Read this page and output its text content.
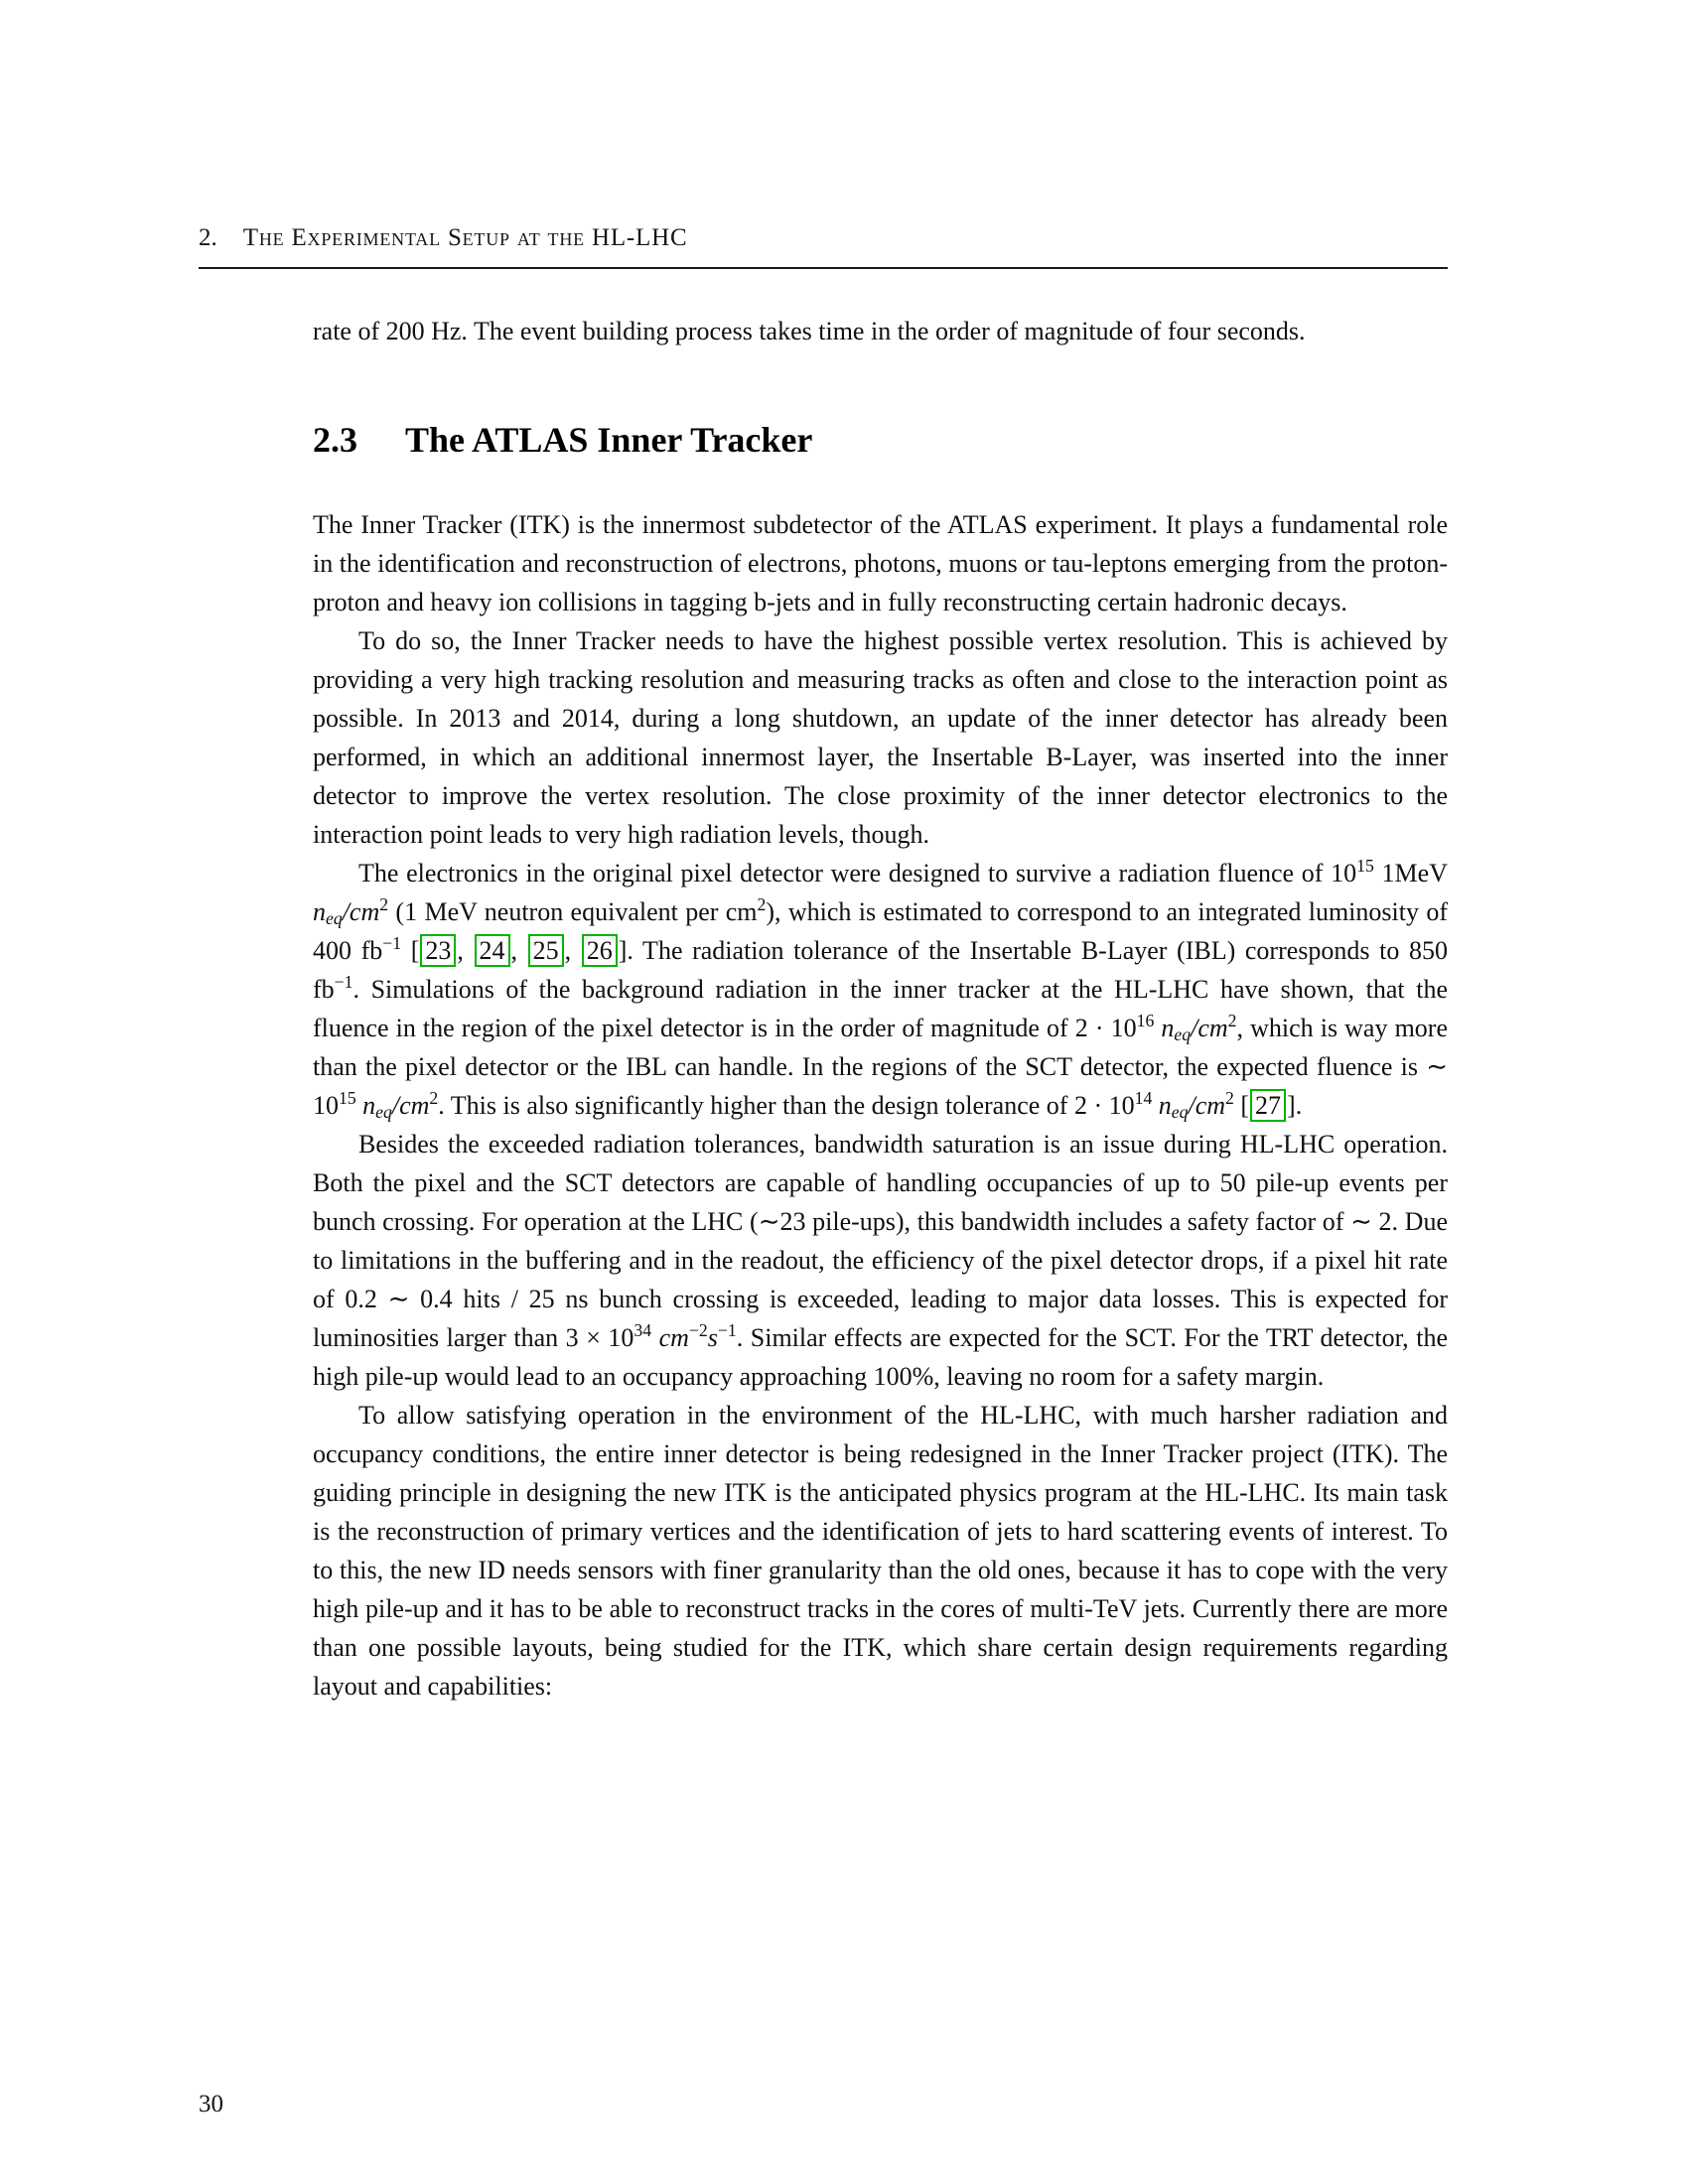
2. The Experimental Setup at the HL-LHC

rate of 200 Hz. The event building process takes time in the order of magnitude of four seconds.

2.3 The ATLAS Inner Tracker

The Inner Tracker (ITK) is the innermost subdetector of the ATLAS experiment. It plays a fundamental role in the identification and reconstruction of electrons, photons, muons or tau-leptons emerging from the proton-proton and heavy ion collisions in tagging b-jets and in fully reconstructing certain hadronic decays.

To do so, the Inner Tracker needs to have the highest possible vertex resolution. This is achieved by providing a very high tracking resolution and measuring tracks as often and close to the interaction point as possible. In 2013 and 2014, during a long shutdown, an update of the inner detector has already been performed, in which an additional innermost layer, the Insertable B-Layer, was inserted into the inner detector to improve the vertex resolution. The close proximity of the inner detector electronics to the interaction point leads to very high radiation levels, though.

The electronics in the original pixel detector were designed to survive a radiation fluence of $10^{15}$ 1MeV $n_{eq}/cm^2$ (1 MeV neutron equivalent per $cm^2$), which is estimated to correspond to an integrated luminosity of 400 $fb^{-1}$ [ 23 , 24 , 25 , 26 ]. The radiation tolerance of the Insertable B-Layer (IBL) corresponds to 850 $fb^{-1}$. Simulations of the background radiation in the inner tracker at the HL-LHC have shown, that the fluence in the region of the pixel detector is in the order of magnitude of $2 \cdot 10^{16}$ $n_{eq}/cm^2$, which is way more than the pixel detector or the IBL can handle. In the regions of the SCT detector, the expected fluence is ∼ $10^{15}$ $n_{eq}/cm^2$. This is also significantly higher than the design tolerance of $2 \cdot 10^{14}$ $n_{eq}/cm^2$ [ 27 ].

Besides the exceeded radiation tolerances, bandwidth saturation is an issue during HL-LHC operation. Both the pixel and the SCT detectors are capable of handling occupancies of up to 50 pile-up events per bunch crossing. For operation at the LHC (∼23 pile-ups), this bandwidth includes a safety factor of ∼ 2. Due to limitations in the buffering and in the readout, the efficiency of the pixel detector drops, if a pixel hit rate of 0.2 ∼ 0.4 hits / 25 ns bunch crossing is exceeded, leading to major data losses. This is expected for luminosities larger than $3 \times 10^{34}$ $cm^{-2}s^{-1}$. Similar effects are expected for the SCT. For the TRT detector, the high pile-up would lead to an occupancy approaching 100%, leaving no room for a safety margin.

To allow satisfying operation in the environment of the HL-LHC, with much harsher radiation and occupancy conditions, the entire inner detector is being redesigned in the Inner Tracker project (ITK). The guiding principle in designing the new ITK is the anticipated physics program at the HL-LHC. Its main task is the reconstruction of primary vertices and the identification of jets to hard scattering events of interest. To to this, the new ID needs sensors with finer granularity than the old ones, because it has to cope with the very high pile-up and it has to be able to reconstruct tracks in the cores of multi-TeV jets. Currently there are more than one possible layouts, being studied for the ITK, which share certain design requirements regarding layout and capabilities:

30
